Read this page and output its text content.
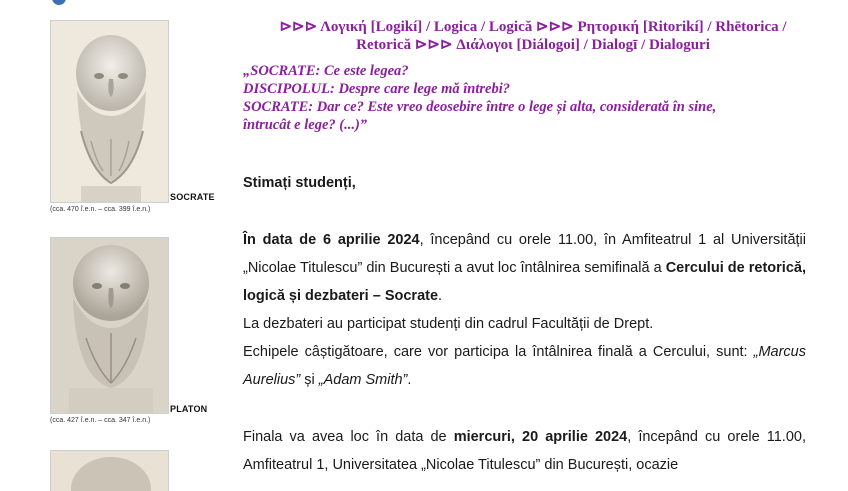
SOCRATE
(cca. 470 î.e.n. – cca. 399 î.e.n.)
PLATON
(cca. 427 î.e.n. – cca. 347 î.e.n.)
⊳⊳⊳ Λογική [Logikí] / Logica / Logică ⊳⊳⊳ Ρητορική [Ritorikí] / Rhētorica /
Retorică ⊳⊳⊳ Διάλογοι [Diálogoi] / Dialogī / Dialoguri

„SOCRATE: Ce este legea?

DISCIPOLUL: Despre care lege mă întrebi?

SOCRATE: Dar ce? Este vreo deosebire între o lege și alta, considerată în sine,

întrucât e lege? (...)”

Stimați studenți,

În data de 6 aprilie 2024, începând cu orele 11.00, în Amfiteatrul 1 al Universității „Nicolae Titulescu” din București a avut loc întâlnirea semifinală a Cercului de retorică, logică și dezbateri – Socrate.

La dezbateri au participat studenți din cadrul Facultății de Drept.

Echipele câștigătoare, care vor participa la întâlnirea finală a Cercului, sunt: „Marcus Aurelius” și „Adam Smith”.

Finala va avea loc în data de miercuri, 20 aprilie 2024, începând cu orele 11.00, Amfiteatrul 1, Universitatea „Nicolae Titulescu” din București, ocazie
